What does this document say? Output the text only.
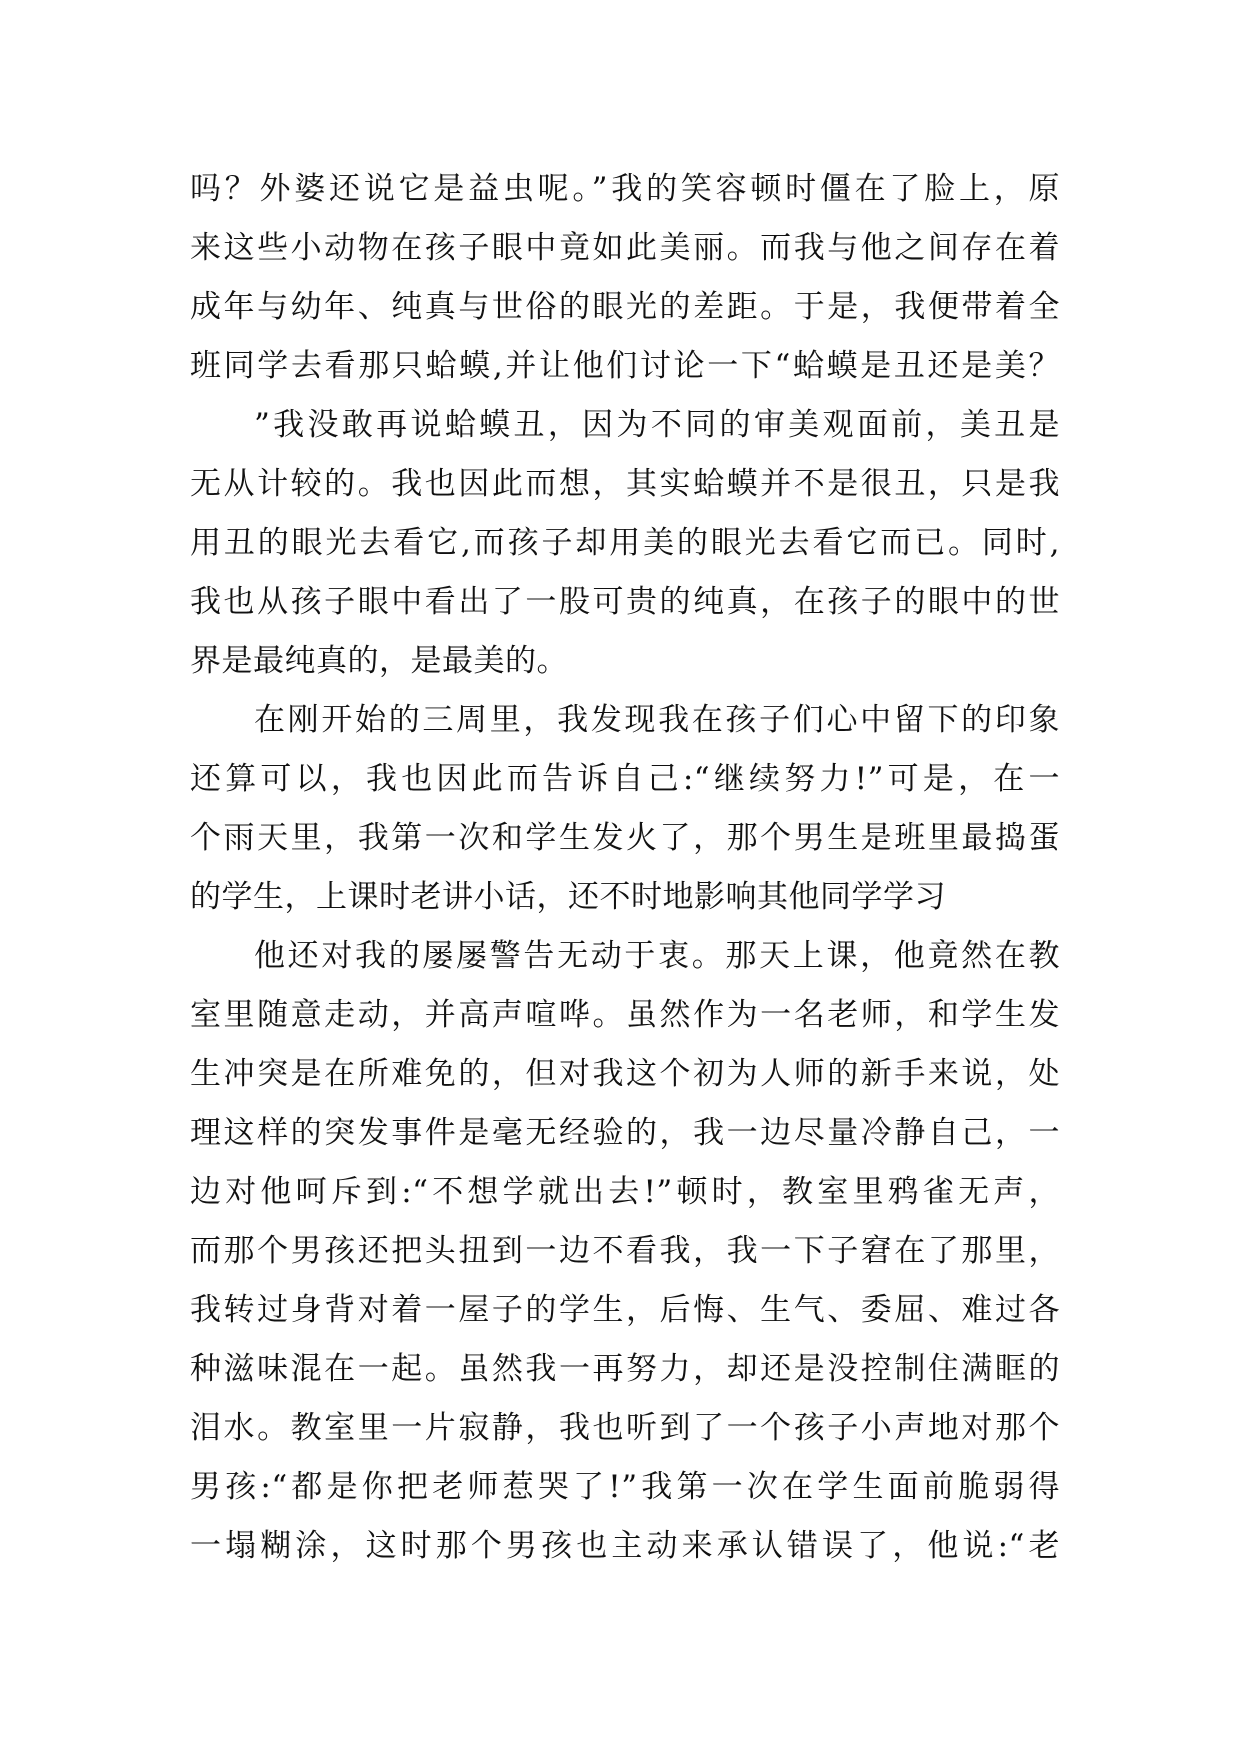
吗？外婆还说它是益虫呢。”我的笑容顿时僵在了脸上，原
来这些小动物在孩子眼中竟如此美丽。而我与他之间存在着
成年与幼年、纯真与世俗的眼光的差距。于是，我便带着全
班同学去看那只蛤蟆,并让他们讨论一下“蛤蟆是丑还是美？
”我没敢再说蛤蟆丑，因为不同的审美观面前，美丑是
无从计较的。我也因此而想，其实蛤蟆并不是很丑，只是我
用丑的眼光去看它,而孩子却用美的眼光去看它而已。同时,
我也从孩子眼中看出了一股可贵的纯真，在孩子的眼中的世
界是最纯真的，是最美的。
在刚开始的三周里，我发现我在孩子们心中留下的印象
还算可以，我也因此而告诉自己:“继续努力!”可是，在一
个雨天里，我第一次和学生发火了，那个男生是班里最捣蛋
的学生，上课时老讲小话，还不时地影响其他同学学习
他还对我的屡屡警告无动于衷。那天上课，他竟然在教
室里随意走动，并高声喧哗。虽然作为一名老师，和学生发
生冲突是在所难免的，但对我这个初为人师的新手来说，处
理这样的突发事件是毫无经验的，我一边尽量冷静自己，一
边对他呵斥到:“不想学就出去!”顿时，教室里鸦雀无声，
而那个男孩还把头扭到一边不看我，我一下子窘在了那里，
我转过身背对着一屋子的学生，后悔、生气、委屈、难过各
种滋味混在一起。虽然我一再努力，却还是没控制住满眶的
泪水。教室里一片寂静，我也听到了一个孩子小声地对那个
男孩:“都是你把老师惹哭了!”我第一次在学生面前脆弱得
一塌糊涂，这时那个男孩也主动来承认错误了，他说:“老
